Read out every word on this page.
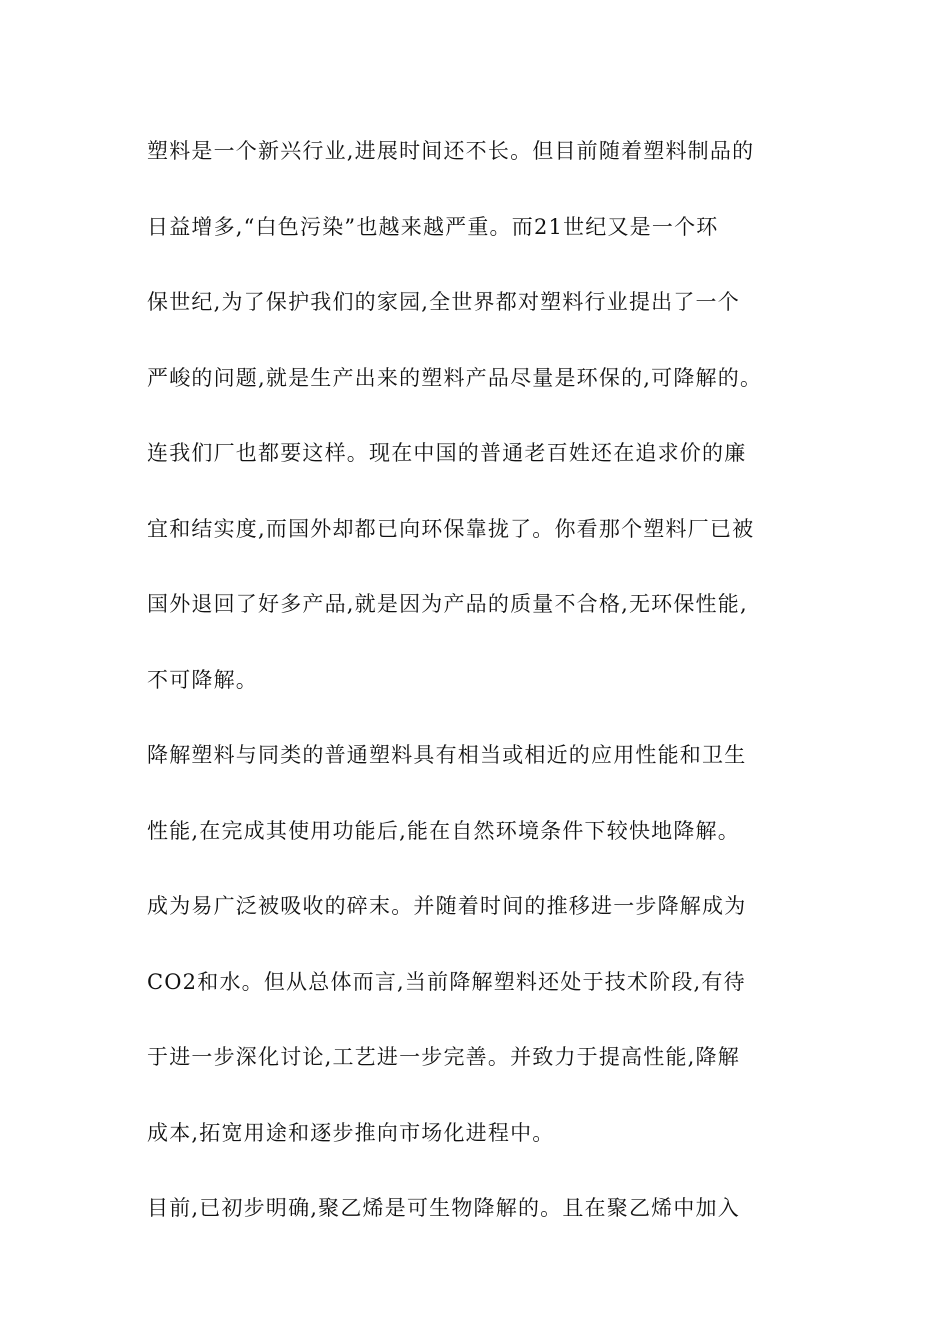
塑料是一个新兴行业,进展时间还不长。但目前随着塑料制品的
日益增多,“白色污染”也越来越严重。而21世纪又是一个环
保世纪,为了保护我们的家园,全世界都对塑料行业提出了一个
严峻的问题,就是生产出来的塑料产品尽量是环保的,可降解的。
连我们厂也都要这样。现在中国的普通老百姓还在追求价的廉
宜和结实度,而国外却都已向环保靠拢了。你看那个塑料厂已被
国外退回了好多产品,就是因为产品的质量不合格,无环保性能,
不可降解。
降解塑料与同类的普通塑料具有相当或相近的应用性能和卫生
性能,在完成其使用功能后,能在自然环境条件下较快地降解。
成为易广泛被吸收的碎末。并随着时间的推移进一步降解成为
CO2和水。但从总体而言,当前降解塑料还处于技术阶段,有待
于进一步深化讨论,工艺进一步完善。并致力于提高性能,降解
成本,拓宽用途和逐步推向市场化进程中。
目前,已初步明确,聚乙烯是可生物降解的。且在聚乙烯中加入
